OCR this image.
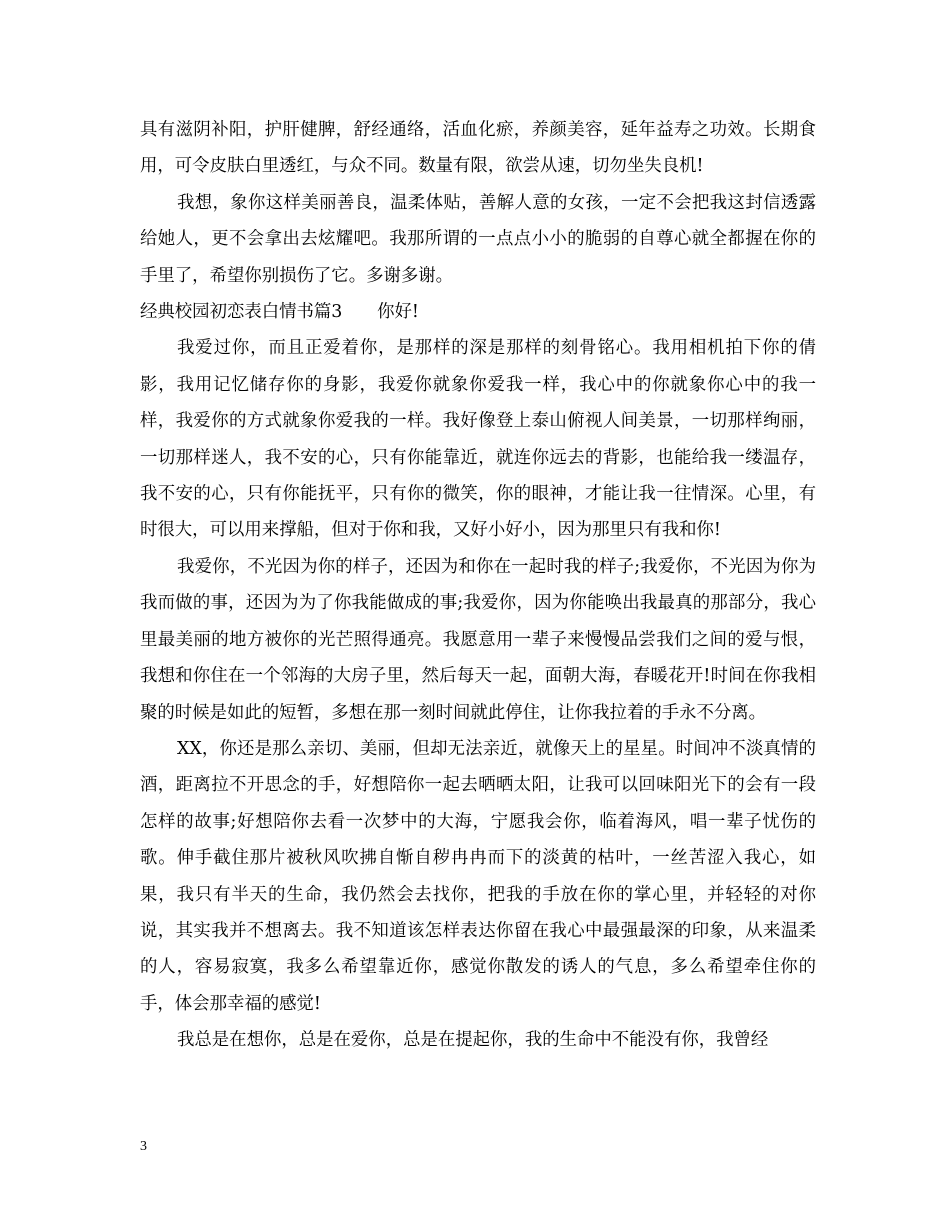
具有滋阴补阳，护肝健脾，舒经通络，活血化瘀，养颜美容，延年益寿之功效。长期食用，可令皮肤白里透红，与众不同。数量有限，欲尝从速，切勿坐失良机!

我想，象你这样美丽善良，温柔体贴，善解人意的女孩，一定不会把我这封信透露给她人，更不会拿出去炫耀吧。我那所谓的一点点小小的脆弱的自尊心就全都握在你的手里了，希望你别损伤了它。多谢多谢。

经典校园初恋表白情书篇3　　你好!

我爱过你，而且正爱着你，是那样的深是那样的刻骨铭心。我用相机拍下你的倩影，我用记忆储存你的身影，我爱你就象你爱我一样，我心中的你就象你心中的我一样，我爱你的方式就象你爱我的一样。我好像登上泰山俯视人间美景，一切那样绚丽，一切那样迷人，我不安的心，只有你能靠近，就连你远去的背影，也能给我一缕温存，我不安的心，只有你能抚平，只有你的微笑，你的眼神，才能让我一往情深。心里，有时很大，可以用来撑船，但对于你和我，又好小好小，因为那里只有我和你!

我爱你，不光因为你的样子，还因为和你在一起时我的样子;我爱你，不光因为你为我而做的事，还因为为了你我能做成的事;我爱你，因为你能唤出我最真的那部分，我心里最美丽的地方被你的光芒照得通亮。我愿意用一辈子来慢慢品尝我们之间的爱与恨，我想和你住在一个邻海的大房子里，然后每天一起，面朝大海，春暖花开!时间在你我相聚的时候是如此的短暂，多想在那一刻时间就此停住，让你我拉着的手永不分离。

XX，你还是那么亲切、美丽，但却无法亲近，就像天上的星星。时间冲不淡真情的酒，距离拉不开思念的手，好想陪你一起去晒晒太阳，让我可以回味阳光下的会有一段怎样的故事;好想陪你去看一次梦中的大海，宁愿我会你，临着海风，唱一辈子忧伤的歌。伸手截住那片被秋风吹拂自惭自秽冉冉而下的淡黄的枯叶，一丝苦涩入我心，如果，我只有半天的生命，我仍然会去找你，把我的手放在你的掌心里，并轻轻的对你说，其实我并不想离去。我不知道该怎样表达你留在我心中最强最深的印象，从来温柔的人，容易寂寞，我多么希望靠近你，感觉你散发的诱人的气息，多么希望牵住你的手，体会那幸福的感觉!

我总是在想你，总是在爱你，总是在提起你，我的生命中不能没有你，我曾经

3
